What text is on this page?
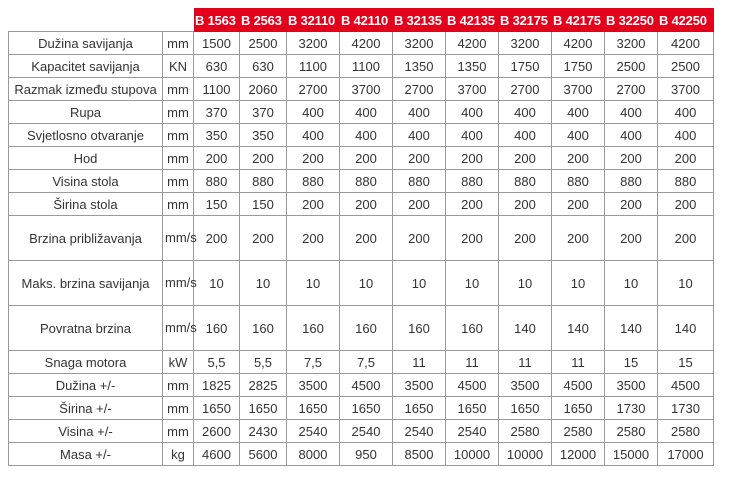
		B 1563	B 2563	B 32110	B 42110	B 32135	B 42135	B 32175	B 42175	B 32250	B 42250
Dužina savijanja	mm	1500	2500	3200	4200	3200	4200	3200	4200	3200	4200
Kapacitet savijanja	KN	630	630	1100	1100	1350	1350	1750	1750	2500	2500
Razmak između stupova	mm	1100	2060	2700	3700	2700	3700	2700	3700	2700	3700
Rupa	mm	370	370	400	400	400	400	400	400	400	400
Svjetlosno otvaranje	mm	350	350	400	400	400	400	400	400	400	400
Hod	mm	200	200	200	200	200	200	200	200	200	200
Visina stola	mm	880	880	880	880	880	880	880	880	880	880
Širina stola	mm	150	150	200	200	200	200	200	200	200	200
Brzina približavanja	mm/s	200	200	200	200	200	200	200	200	200	200
Maks. brzina savijanja	mm/s	10	10	10	10	10	10	10	10	10	10
Povratna brzina	mm/s	160	160	160	160	160	160	140	140	140	140
Snaga motora	kW	5,5	5,5	7,5	7,5	11	11	11	11	15	15
Dužina +/-	mm	1825	2825	3500	4500	3500	4500	3500	4500	3500	4500
Širina +/-	mm	1650	1650	1650	1650	1650	1650	1650	1650	1730	1730
Visina +/-	mm	2600	2430	2540	2540	2540	2540	2580	2580	2580	2580
Masa +/-	kg	4600	5600	8000	950	8500	10000	10000	12000	15000	17000
